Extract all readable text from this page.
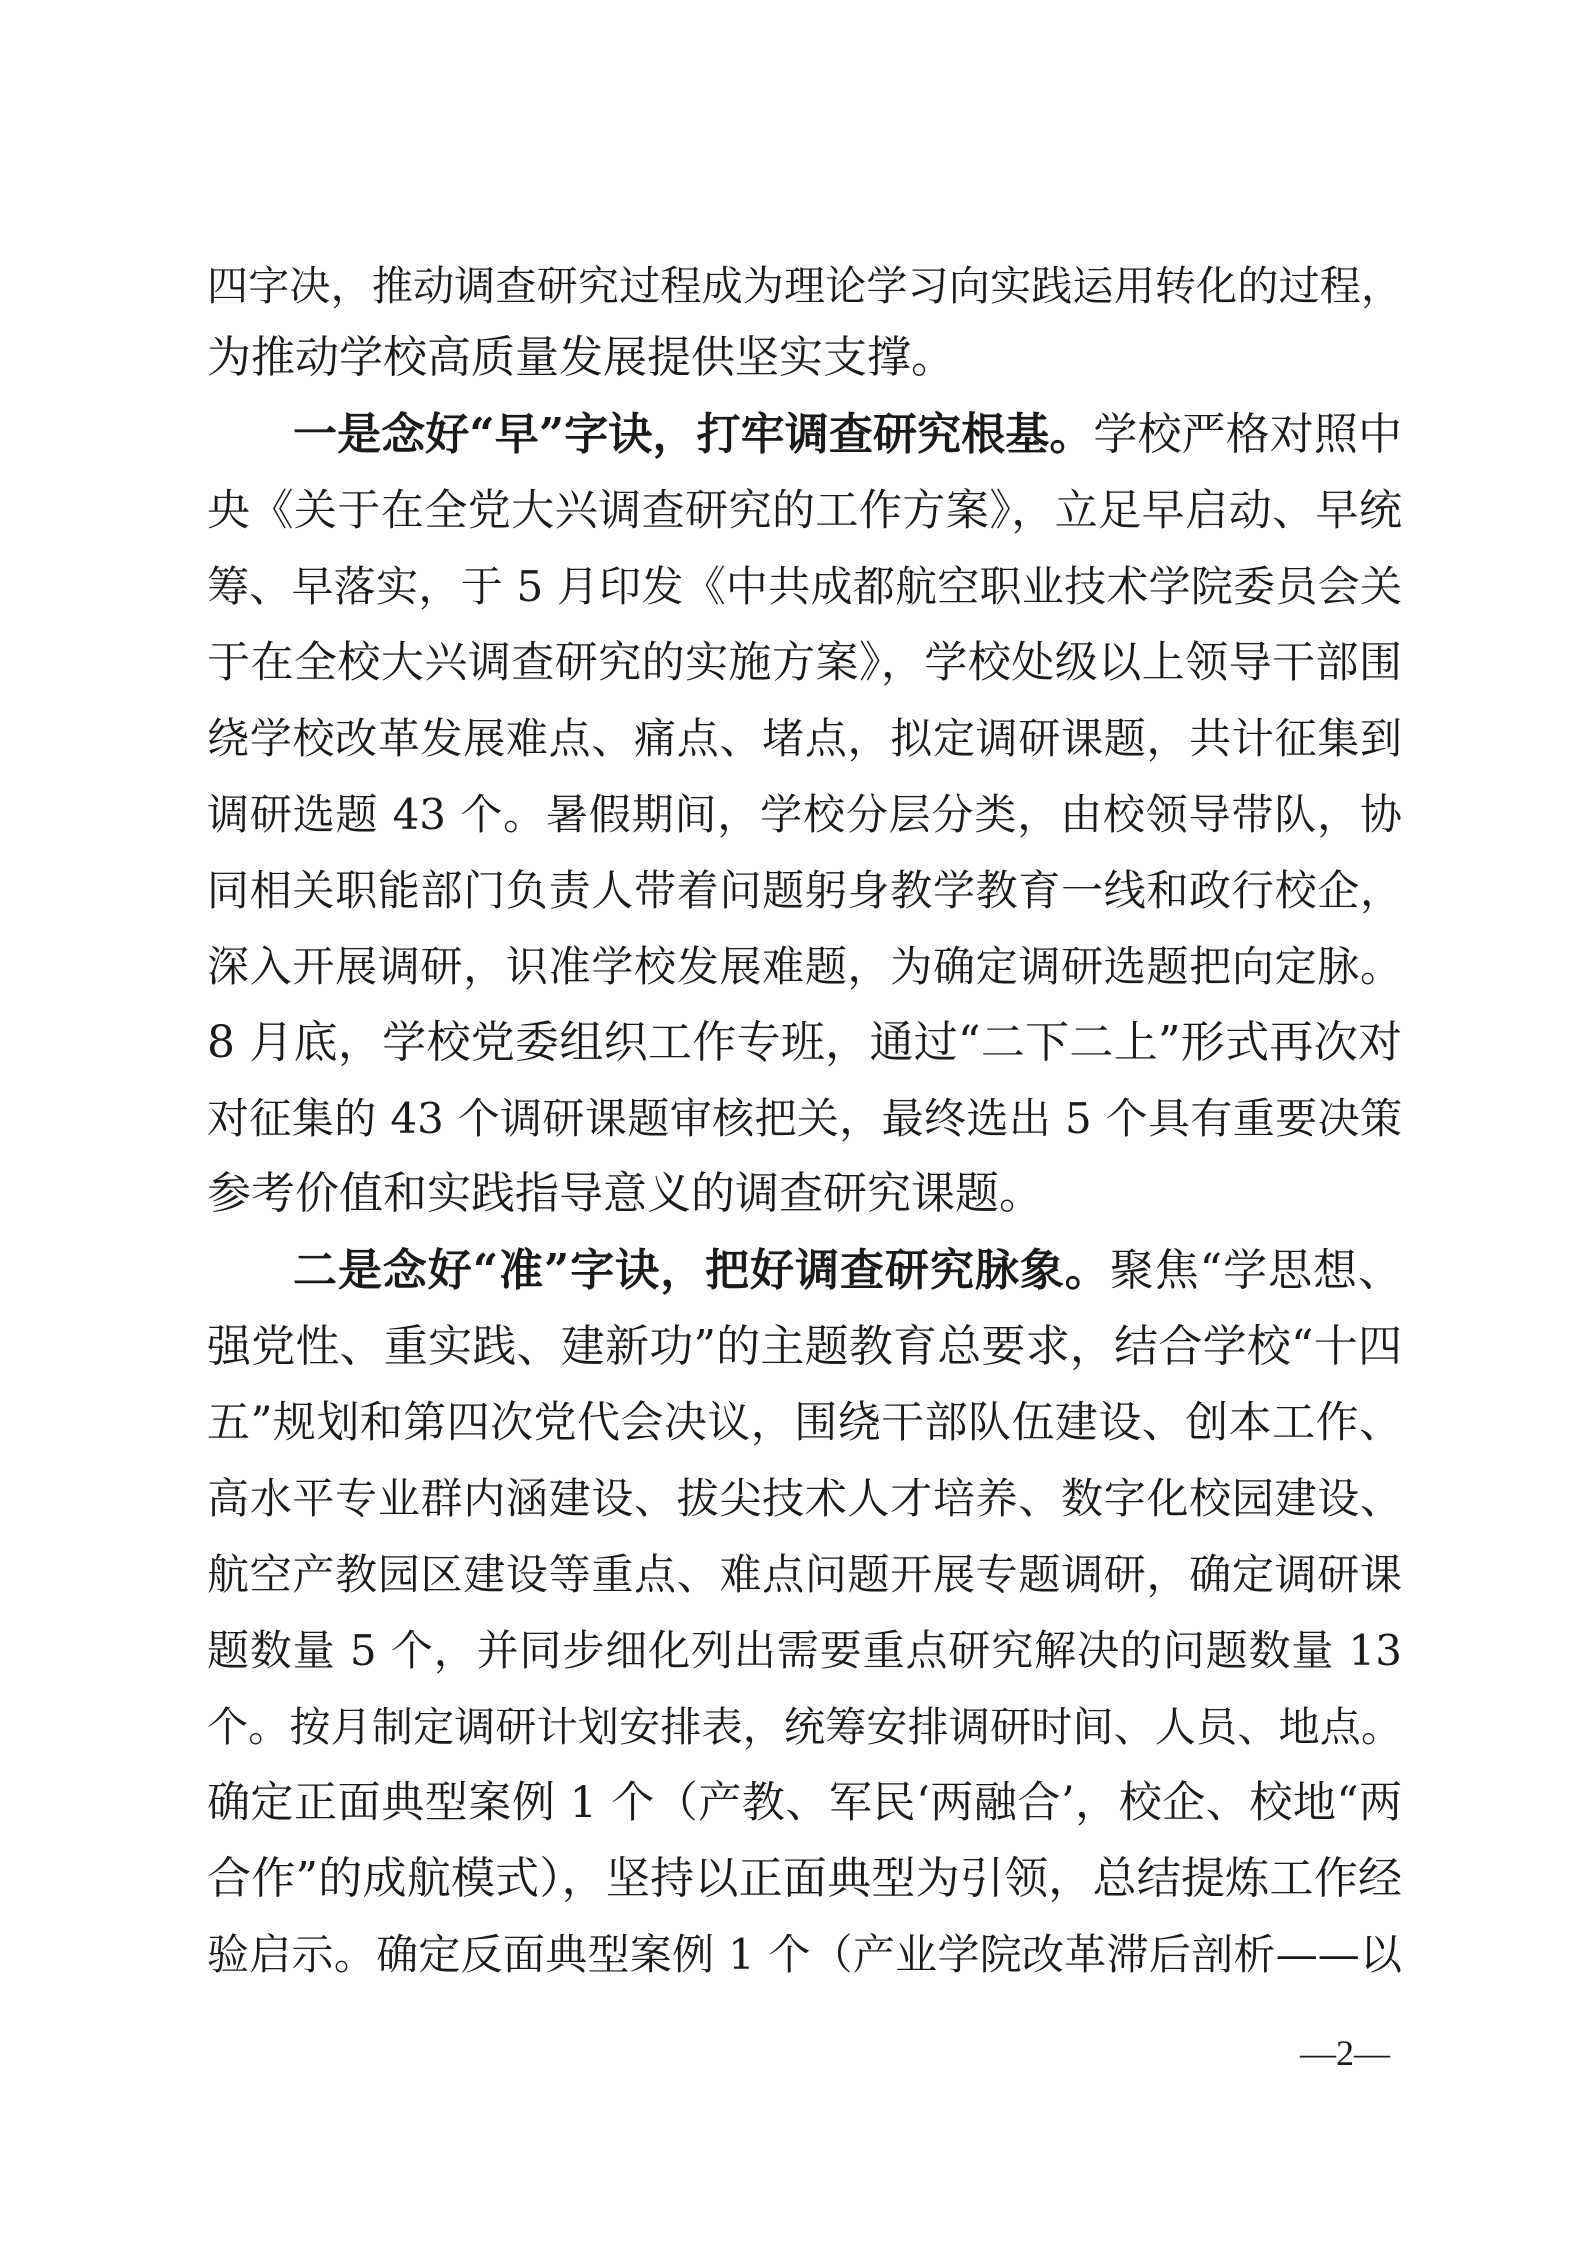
四字决，推动调查研究过程成为理论学习向实践运用转化的过程，
为推动学校高质量发展提供坚实支撑。
一是念好“早”字诀，打牢调查研究根基。学校严格对照中
央《关于在全党大兴调查研究的工作方案》，立足早启动、早统
筹、早落实，于 5 月印发《中共成都航空职业技术学院委员会关
于在全校大兴调查研究的实施方案》，学校处级以上领导干部围
绕学校改革发展难点、痛点、堵点，拟定调研课题，共计征集到
调研选题 43 个。暑假期间，学校分层分类，由校领导带队，协
同相关职能部门负责人带着问题躬身教学教育一线和政行校企，
深入开展调研，识准学校发展难题，为确定调研选题把向定脉。
8 月底，学校党委组织工作专班，通过“二下二上”形式再次对
对征集的 43 个调研课题审核把关，最终选出 5 个具有重要决策
参考价值和实践指导意义的调查研究课题。
二是念好“准”字诀，把好调查研究脉象。聚焦“学思想、
强党性、重实践、建新功”的主题教育总要求，结合学校“十四
五”规划和第四次党代会决议，围绕干部队伍建设、创本工作、
高水平专业群内涵建设、拔尖技术人才培养、数字化校园建设、
航空产教园区建设等重点、难点问题开展专题调研，确定调研课
题数量 5 个，并同步细化列出需要重点研究解决的问题数量 13
个。按月制定调研计划安排表，统筹安排调研时间、人员、地点。
确定正面典型案例 1 个（产教、军民‘两融合’，校企、校地“两
合作”的成航模式），坚持以正面典型为引领，总结提炼工作经
验启示。确定反面典型案例 1 个（产业学院改革滞后剖析——以
—2—
